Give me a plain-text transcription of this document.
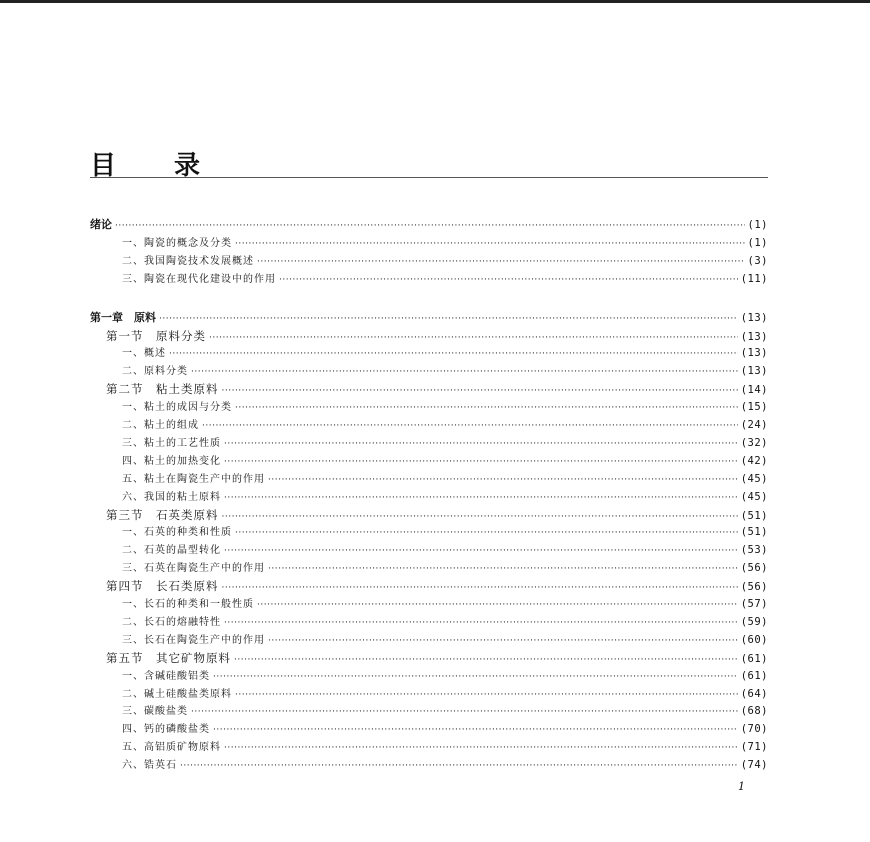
目 录
绪论 ·····	(1)
一、陶瓷的概念及分类 ·····	(1)
二、我国陶瓷技术发展概述 ·····	(3)
三、陶瓷在现代化建设中的作用 ·····	(11)
第一章　原料 ·····	(13)
第一节　原料分类 ·····	(13)
一、概述 ·····	(13)
二、原料分类 ·····	(13)
第二节　粘土类原料 ·····	(14)
一、粘土的成因与分类 ·····	(15)
二、粘土的组成 ·····	(24)
三、粘土的工艺性质 ·····	(32)
四、粘土的加热变化 ·····	(42)
五、粘土在陶瓷生产中的作用 ·····	(45)
六、我国的粘土原料 ·····	(45)
第三节　石英类原料 ·····	(51)
一、石英的种类和性质 ·····	(51)
二、石英的晶型转化 ·····	(53)
三、石英在陶瓷生产中的作用 ·····	(56)
第四节　长石类原料 ·····	(56)
一、长石的种类和一般性质 ·····	(57)
二、长石的熔融特性 ·····	(59)
三、长石在陶瓷生产中的作用 ·····	(60)
第五节　其它矿物原料 ·····	(61)
一、含碱硅酸铝类 ·····	(61)
二、碱土硅酸盐类原料 ·····	(64)
三、碳酸盐类 ·····	(68)
四、钙的磷酸盐类 ·····	(70)
五、高铝质矿物原料 ·····	(71)
六、锆英石 ·····	(74)
1
